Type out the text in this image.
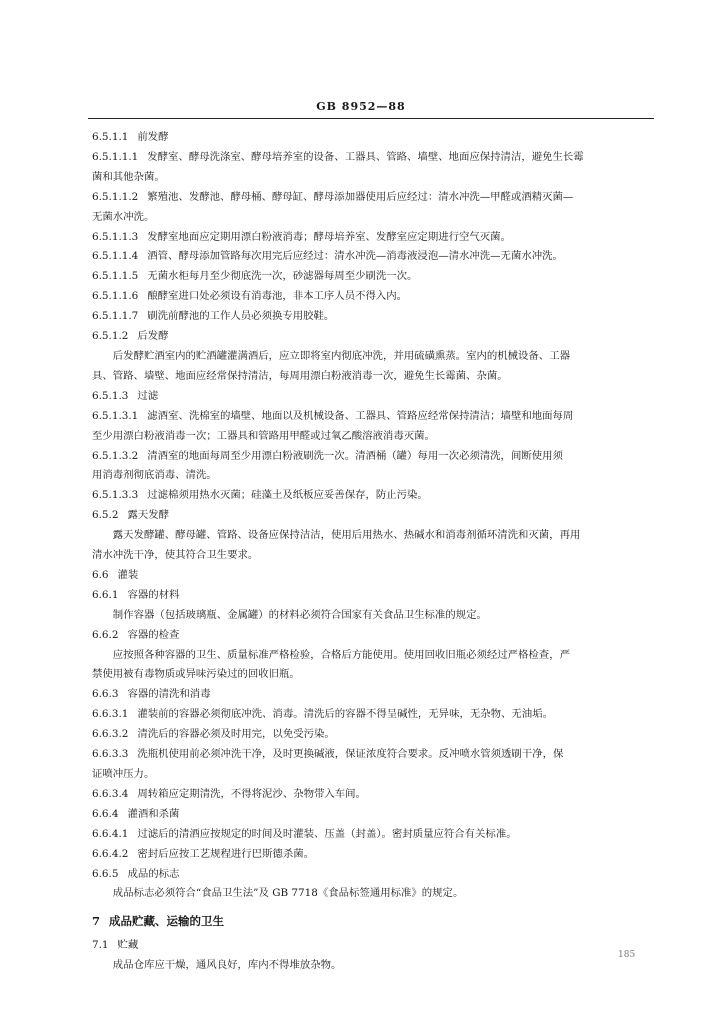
GB 8952—88
6.5.1.1 前发酵
6.5.1.1.1 发酵室、酵母洗涤室、酵母培养室的设备、工器具、管路、墙壁、地面应保持清洁，避免生长霉
菌和其他杂菌。
6.5.1.1.2 繁殖池、发酵池、酵母桶、酵母缸、酵母添加器使用后应经过：清水冲洗—甲醛或酒精灭菌—
无菌水冲洗。
6.5.1.1.3 发酵室地面应定期用漂白粉液消毒；酵母培养室、发酵室应定期进行空气灭菌。
6.5.1.1.4 酒管、酵母添加管路每次用完后应经过：清水冲洗—消毒液浸泡—清水冲洗—无菌水冲洗。
6.5.1.1.5 无菌水柜每月至少彻底洗一次，砂滤器每周至少刷洗一次。
6.5.1.1.6 酿酵室进口处必须设有消毒池，非本工序人员不得入内。
6.5.1.1.7 刷洗前酵池的工作人员必须换专用胶鞋。
6.5.1.2 后发酵
后发酵贮酒室内的贮酒罐灌满酒后，应立即将室内彻底冲洗，并用硫磺熏蒸。室内的机械设备、工器
具、管路、墙壁、地面应经常保持清洁，每周用漂白粉液消毒一次，避免生长霉菌、杂菌。
6.5.1.3 过滤
6.5.1.3.1 滤酒室、洗棉室的墙壁、地面以及机械设备、工器具、管路应经常保持清洁；墙壁和地面每周
至少用漂白粉液消毒一次；工器具和管路用甲醛或过氧乙酸溶液消毒灭菌。
6.5.1.3.2 清酒室的地面每周至少用漂白粉液刷洗一次。清酒桶（罐）每用一次必须清洗，间断使用须
用消毒剂彻底消毒、清洗。
6.5.1.3.3 过滤棉须用热水灭菌；硅藻土及纸板应妥善保存，防止污染。
6.5.2 露天发酵
露天发酵罐、酵母罐、管路、设备应保持洁洁，使用后用热水、热碱水和消毒剂循环清洗和灭菌，再用
清水冲洗干净，使其符合卫生要求。
6.6 灌装
6.6.1 容器的材料
制作容器（包括玻璃瓶、金属罐）的材料必须符合国家有关食品卫生标准的规定。
6.6.2 容器的检查
应按照各种容器的卫生、质量标准严格检验，合格后方能使用。使用回收旧瓶必须经过严格检查，严
禁使用被有毒物质或异味污染过的回收旧瓶。
6.6.3 容器的清洗和消毒
6.6.3.1 灌装前的容器必须彻底冲洗、消毒。清洗后的容器不得呈碱性，无异味，无杂物、无油垢。
6.6.3.2 清洗后的容器必须及时用完，以免受污染。
6.6.3.3 洗瓶机使用前必须冲洗干净，及时更换碱液，保证浓度符合要求。反冲喷水管须透刷干净，保
证喷冲压力。
6.6.3.4 周转箱应定期清洗，不得将泥沙、杂物带入车间。
6.6.4 灌酒和杀菌
6.6.4.1 过滤后的清酒应按规定的时间及时灌装、压盖（封盖）。密封质量应符合有关标准。
6.6.4.2 密封后应按工艺规程进行巴斯德杀菌。
6.6.5 成品的标志
成品标志必须符合“食品卫生法”及 GB 7718《食品标签通用标准》的规定。
7 成品贮藏、运输的卫生
7.1 贮藏
成品仓库应干燥，通风良好，库内不得堆放杂物。
185
